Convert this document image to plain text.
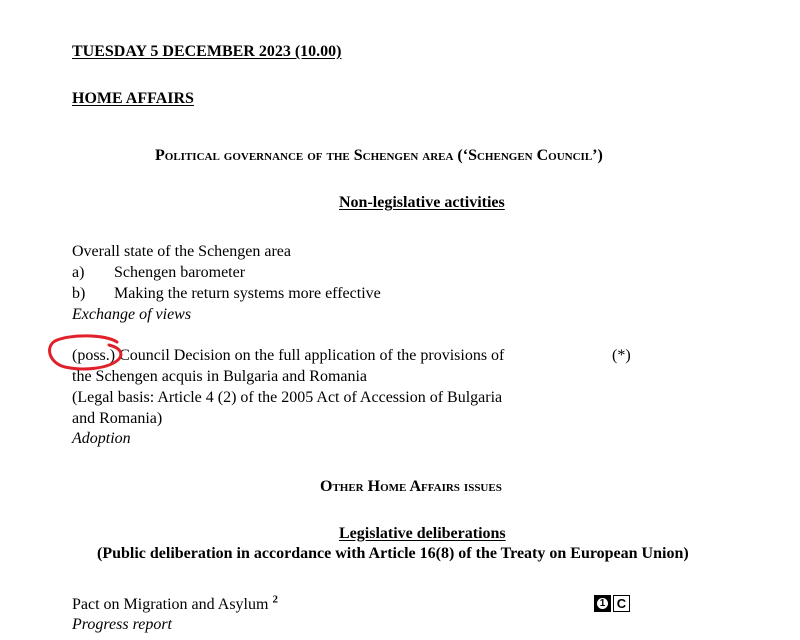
TUESDAY 5 DECEMBER 2023 (10.00)
HOME AFFAIRS
Political governance of the Schengen area (‘Schengen Council’)
Non-legislative activities
Overall state of the Schengen area
a) Schengen barometer
b) Making the return systems more effective
Exchange of views
(poss.) Council Decision on the full application of the provisions of	(*)
the Schengen acquis in Bulgaria and Romania
(Legal basis: Article 4 (2) of the 2005 Act of Accession of Bulgaria
and Romania)
Adoption
Other Home Affairs issues
Legislative deliberations
(Public deliberation in accordance with Article 16(8) of the Treaty on European Union)
Pact on Migration and Asylum $^2$
Progress report
1 C
